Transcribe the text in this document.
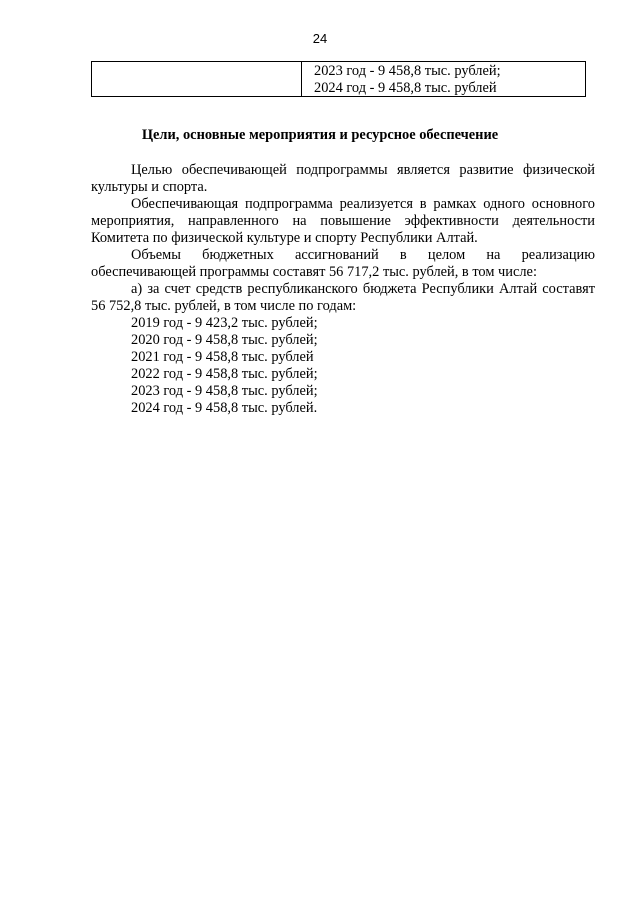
24
2023 год - 9 458,8 тыс. рублей;
2024 год - 9 458,8 тыс. рублей
Цели, основные мероприятия и ресурсное обеспечение

Целью обеспечивающей подпрограммы является развитие физической культуры и спорта.

Обеспечивающая подпрограмма реализуется в рамках одного основного мероприятия, направленного на повышение эффективности деятельности Комитета по физической культуре и спорту Республики Алтай.

Объемы бюджетных ассигнований в целом на реализацию обеспечивающей программы составят 56 717,2 тыс. рублей, в том числе:

а) за счет средств республиканского бюджета Республики Алтай составят 56 752,8 тыс. рублей, в том числе по годам:

2019 год - 9 423,2 тыс. рублей;
2020 год - 9 458,8 тыс. рублей;
2021 год - 9 458,8 тыс. рублей
2022 год - 9 458,8 тыс. рублей;
2023 год - 9 458,8 тыс. рублей;
2024 год - 9 458,8 тыс. рублей.
